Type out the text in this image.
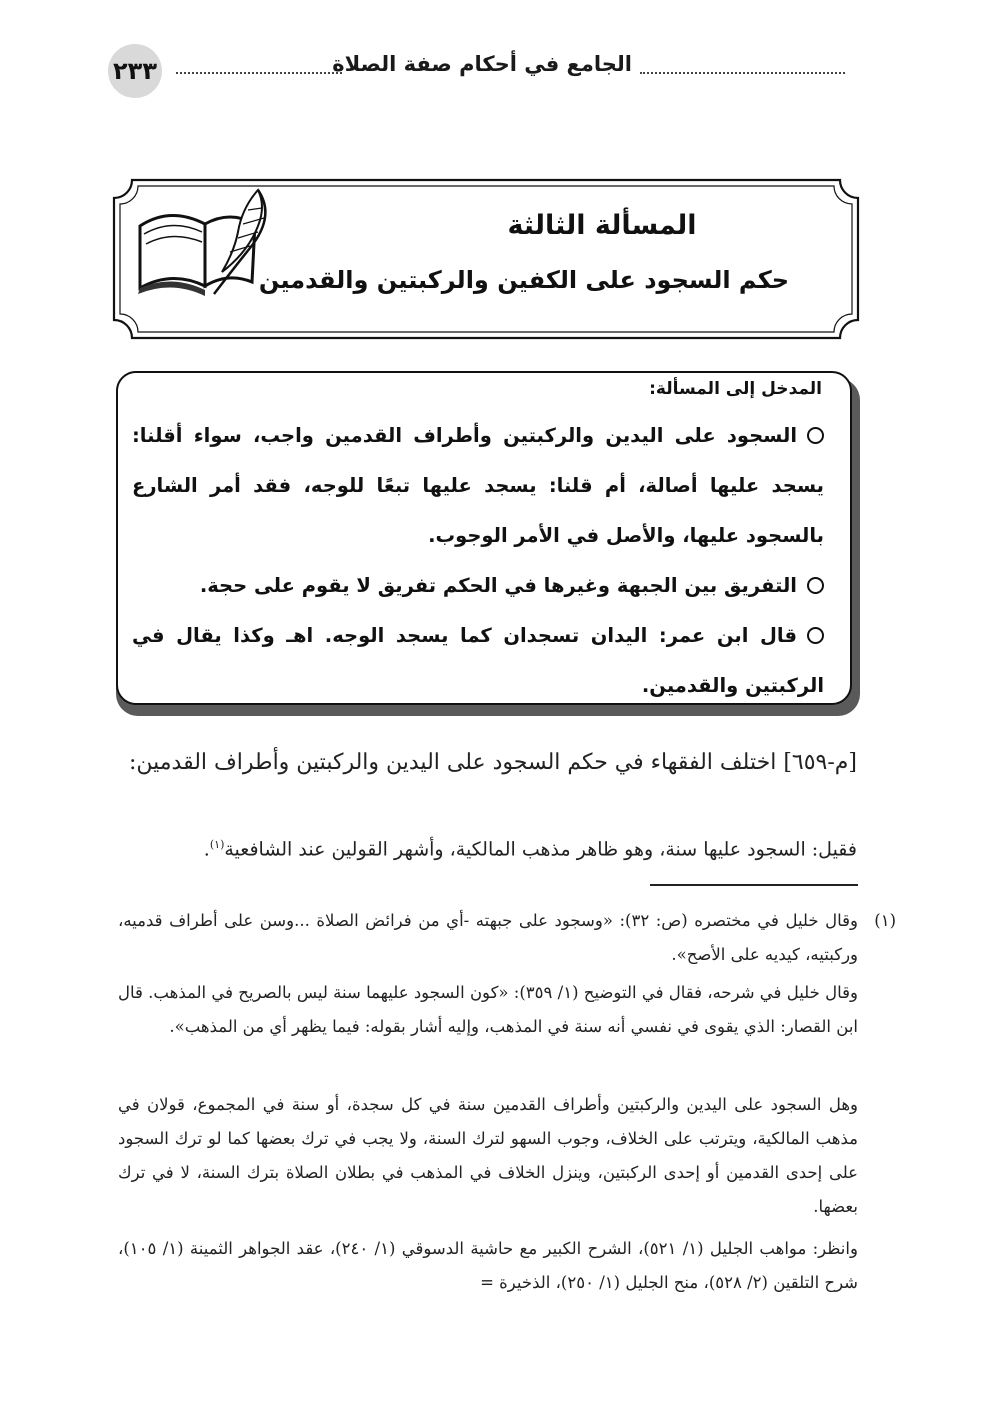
٢٣٣	الجامع في أحكام صفة الصلاة
المسألة الثالثة
حكم السجود على الكفين والركبتين والقدمين
المدخل إلى المسألة:
السجود على اليدين والركبتين وأطراف القدمين واجب، سواء أقلنا: يسجد عليها أصالة، أم قلنا: يسجد عليها تبعًا للوجه، فقد أمر الشارع بالسجود عليها، والأصل في الأمر الوجوب.
التفريق بين الجبهة وغيرها في الحكم تفريق لا يقوم على حجة.
قال ابن عمر: اليدان تسجدان كما يسجد الوجه. اهـ وكذا يقال في الركبتين والقدمين.
[م-٦٥٩] اختلف الفقهاء في حكم السجود على اليدين والركبتين وأطراف القدمين:
فقيل: السجود عليها سنة، وهو ظاهر مذهب المالكية، وأشهر القولين عند الشافعية$^{(١)}$.
(١)
وقال خليل في مختصره (ص: ٣٢): «وسجود على جبهته -أي من فرائض الصلاة ...وسن على أطراف قدميه، وركبتيه، كيديه على الأصح».
وقال خليل في شرحه، فقال في التوضيح (١/ ٣٥٩): «كون السجود عليهما سنة ليس بالصريح في المذهب. قال ابن القصار: الذي يقوى في نفسي أنه سنة في المذهب، وإليه أشار بقوله: فيما يظهر أي من المذهب».
وهل السجود على اليدين والركبتين وأطراف القدمين سنة في كل سجدة، أو سنة في المجموع، قولان في مذهب المالكية، ويترتب على الخلاف، وجوب السهو لترك السنة، ولا يجب في ترك بعضها كما لو ترك السجود على إحدى القدمين أو إحدى الركبتين، وينزل الخلاف في المذهب في بطلان الصلاة بترك السنة، لا في ترك بعضها.
وانظر: مواهب الجليل (١/ ٥٢١)، الشرح الكبير مع حاشية الدسوقي (١/ ٢٤٠)، عقد الجواهر الثمينة (١/ ١٠٥)، شرح التلقين (٢/ ٥٢٨)، منح الجليل (١/ ٢٥٠)، الذخيرة =
